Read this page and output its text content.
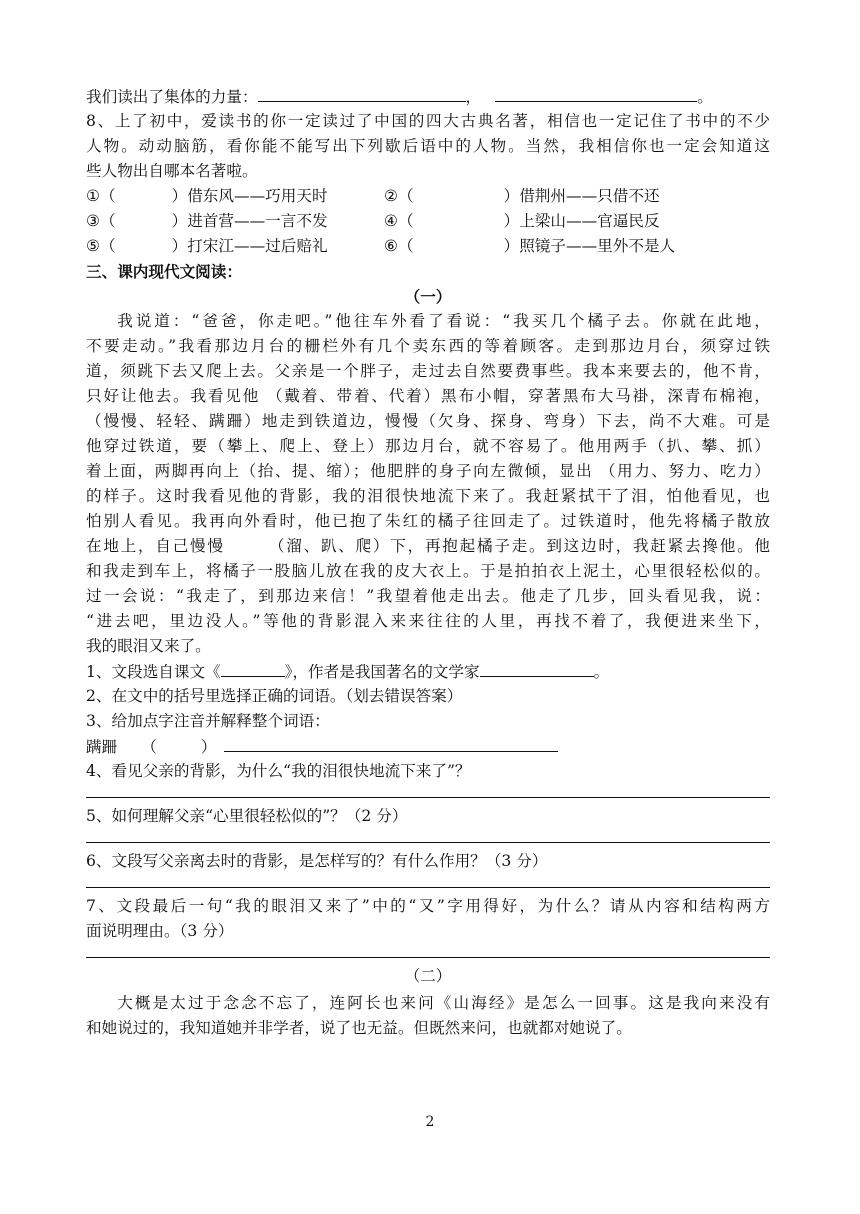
我们读出了集体的力量：	，	。
8、上了初中，爱读书的你一定读过了中国的四大古典名著，相信也一定记住了书中的不少
人物。动动脑筋，看你能不能写出下列歇后语中的人物。当然，我相信你也一定会知道这
些人物出自哪本名著啦。
①（	）借东风——巧用天时	②（	）借荆州——只借不还
③（	）进首营——一言不发	④（	）上梁山——官逼民反
⑤（	）打宋江——过后赔礼	⑥（	）照镜子——里外不是人
三、课内现代文阅读：
（一）
我说道：“爸爸，你走吧。”他往车外看了看说：“我买几个橘子去。你就在此地，
不要走动。”我看那边月台的栅栏外有几个卖东西的等着顾客。走到那边月台，须穿过铁
道，须跳下去又爬上去。父亲是一个胖子，走过去自然要费事些。我本来要去的，他不肯，
只好让他去。我看见他 （戴着、带着、代着）黑布小帽，穿著黑布大马褂，深青布棉袍，
（慢慢、轻轻、蹒跚）地走到铁道边，慢慢（欠身、探身、弯身）下去，尚不大难。可是
他穿过铁道，要（攀上、爬上、登上）那边月台，就不容易了。他用两手（扒、攀、抓）
着上面，两脚再向上（抬、提、缩）；他肥胖的身子向左微倾，显出 （用力、努力、吃力）
的样子。这时我看见他的背影，我的泪很快地流下来了。我赶紧拭干了泪，怕他看见，也
怕别人看见。我再向外看时，他已抱了朱红的橘子往回走了。过铁道时，他先将橘子散放
在地上，自己慢慢　　　（溜、趴、爬）下，再抱起橘子走。到这边时，我赶紧去搀他。他
和我走到车上，将橘子一股脑儿放在我的皮大衣上。于是拍拍衣上泥土，心里很轻松似的。
过一会说：“我走了，到那边来信！”我望着他走出去。他走了几步，回头看见我，说：
“进去吧，里边没人。”等他的背影混入来来往往的人里，再找不着了，我便进来坐下，
我的眼泪又来了。
1、文段选自课文《	》，作者是我国著名的文学家	。
2、在文中的括号里选择正确的词语。（划去错误答案）
3、给加点字注音并解释整个词语：
蹒跚 （	）
4、看见父亲的背影，为什么“我的泪很快地流下来了”？
5、如何理解父亲“心里很轻松似的”？（2 分）
6、文段写父亲离去时的背影，是怎样写的？有什么作用？（3 分）
7、文段最后一句“我的眼泪又来了”中的“又”字用得好，为什么？请从内容和结构两方
面说明理由。（3 分）
（二）
大概是太过于念念不忘了，连阿长也来问《山海经》是怎么一回事。这是我向来没有
和她说过的，我知道她并非学者，说了也无益。但既然来问，也就都对她说了。
2
